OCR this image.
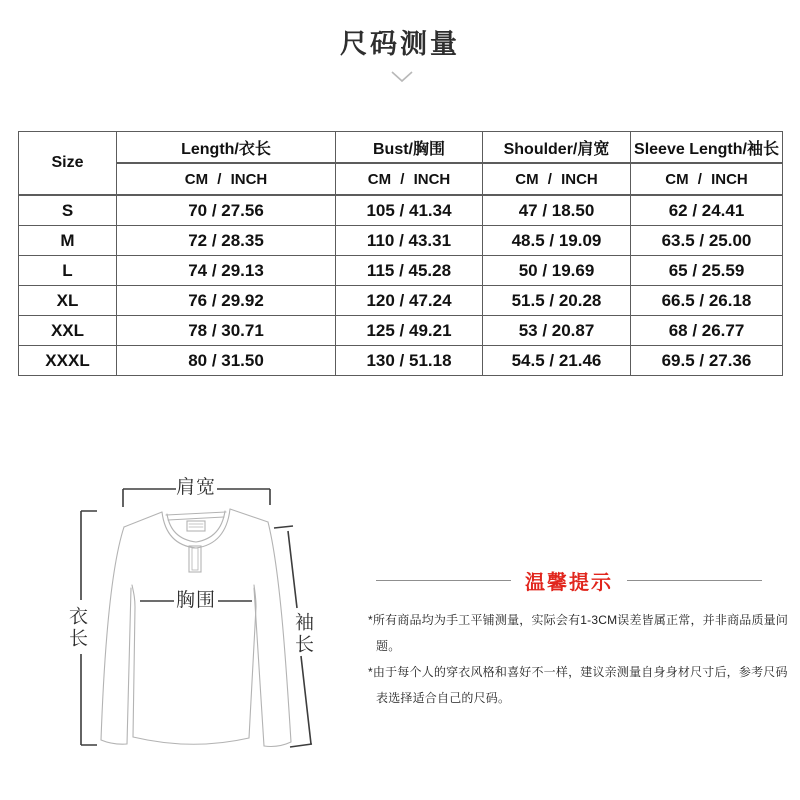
尺码测量
Size	Length/衣长	Bust/胸围	Shoulder/肩宽	Sleeve Length/袖长
	CM / INCH	CM / INCH	CM / INCH	CM / INCH
S	70 / 27.56	105 / 41.34	47 / 18.50	62 / 24.41
M	72 / 28.35	110 / 43.31	48.5 / 19.09	63.5 / 25.00
L	74 / 29.13	115 / 45.28	50 / 19.69	65 / 25.59
XL	76 / 29.92	120 / 47.24	51.5 / 20.28	66.5 / 26.18
XXL	78 / 30.71	125 / 49.21	53 / 20.87	68 / 26.77
XXXL	80 / 31.50	130 / 51.18	54.5 / 21.46	69.5 / 27.36
肩宽
胸围
衣长	袖长
温馨提示

*所有商品均为手工平铺测量，实际会有1-3CM误差皆属正常，并非商品质量问题。

*由于每个人的穿衣风格和喜好不一样，建议亲测量自身身材尺寸后，参考尺码表选择适合自己的尺码。
